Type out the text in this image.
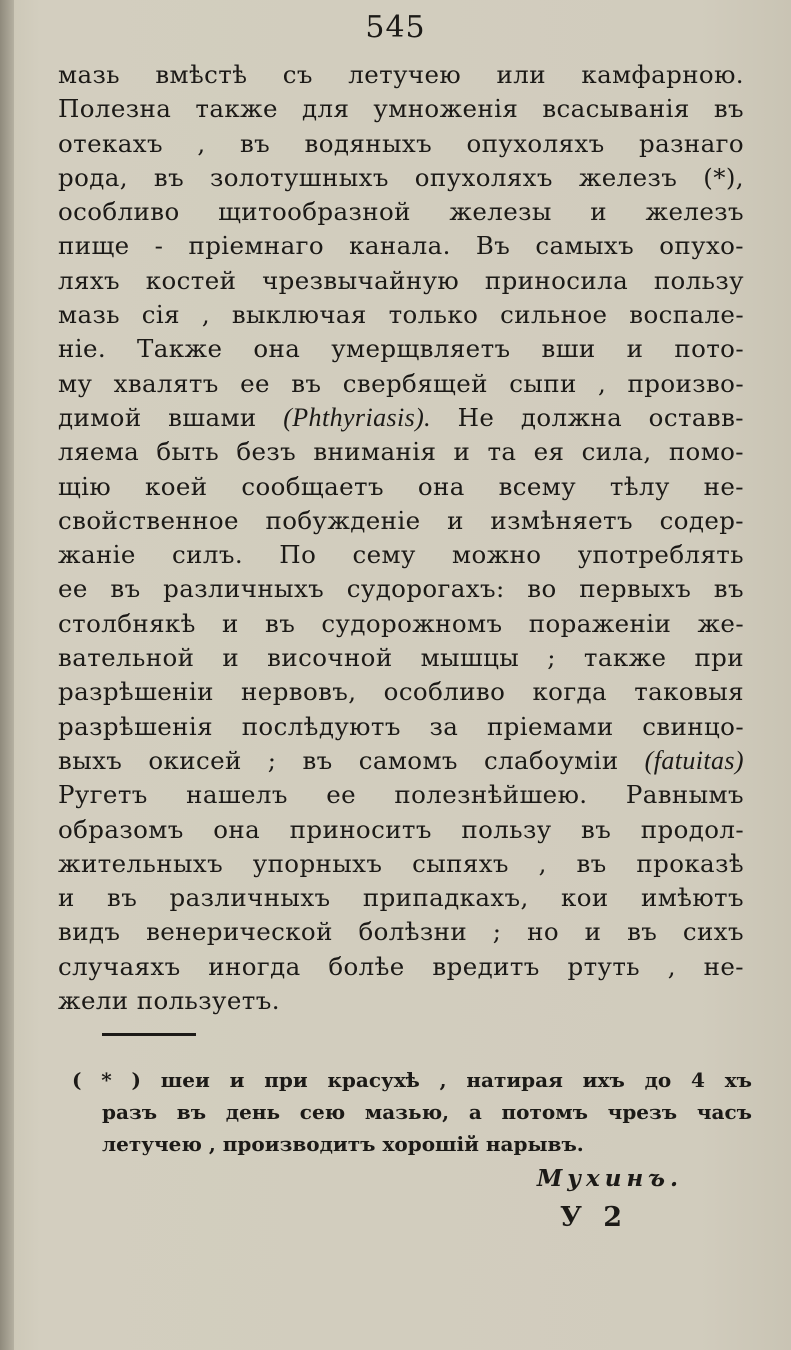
545
мазь вмѣстѣ съ летучею или камфарною.
Полезна также для умноженія всасыванія въ
отекахъ , въ водяныхъ опухоляхъ разнаго
рода, въ золотушныхъ опухоляхъ железъ (*),
особливо щитообразной железы и железъ
пище - пріемнаго канала. Въ самыхъ опухо-
ляхъ костей чрезвычайную приносила пользу
мазь сія , выключая только сильное воспале-
ніе. Также она умерщвляетъ вши и пото-
му хвалятъ ее въ свербящей сыпи , произво-
димой вшами (Phthyriasis). Не должна оставв-
ляема быть безъ вниманія и та ея сила, помо-
щію коей сообщаетъ она всему тѣлу не-
свойственное побужденіе и измѣняетъ содер-
жаніе силъ. По сему можно употреблять
ее въ различныхъ судорогахъ: во первыхъ въ
столбнякѣ и въ судорожномъ пораженіи же-
вательной и височной мышцы ; также при
разрѣшеніи нервовъ, особливо когда таковыя
разрѣшенія послѣдуютъ за пріемами свинцо-
выхъ окисей ; въ самомъ слабоуміи (fatuitas)
Ругетъ нашелъ ее полезнѣйшею. Равнымъ
образомъ она приноситъ пользу въ продол-
жительныхъ упорныхъ сыпяхъ , въ проказѣ
и въ различныхъ припадкахъ, кои имѣютъ
видъ венерической болѣзни ; но и въ сихъ
случаяхъ иногда болѣе вредитъ ртуть , не-
жели пользуетъ.
( * ) шеи и при красухѣ , натирая ихъ до 4 хъ
разъ въ день сею мазью, а потомъ чрезъ часъ
летучею , производитъ хорошій нарывъ.
Мухинъ.
У 2
